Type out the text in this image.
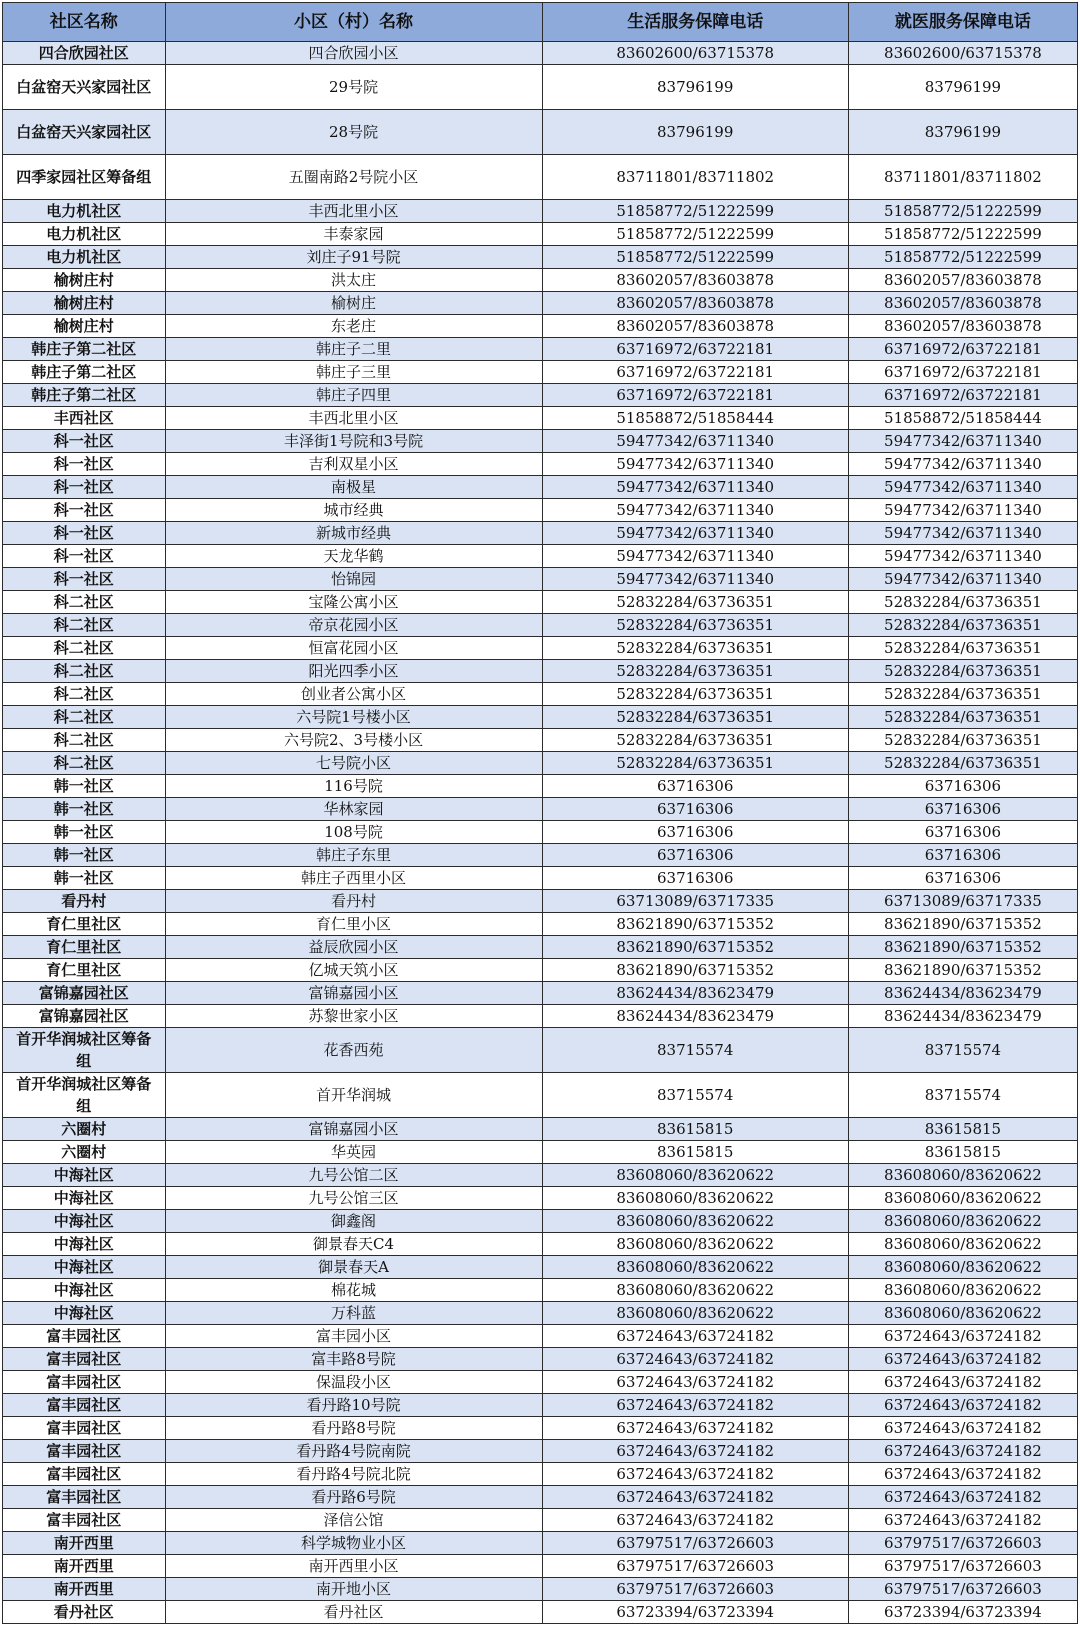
社区名称	小区（村）名称	生活服务保障电话	就医服务保障电话
四合欣园社区	四合欣园小区	83602600/63715378	83602600/63715378
白盆窑天兴家园社区	29号院	83796199	83796199
白盆窑天兴家园社区	28号院	83796199	83796199
四季家园社区筹备组	五圈南路2号院小区	83711801/83711802	83711801/83711802
电力机社区	丰西北里小区	51858772/51222599	51858772/51222599
电力机社区	丰泰家园	51858772/51222599	51858772/51222599
电力机社区	刘庄子91号院	51858772/51222599	51858772/51222599
榆树庄村	洪太庄	83602057/83603878	83602057/83603878
榆树庄村	榆树庄	83602057/83603878	83602057/83603878
榆树庄村	东老庄	83602057/83603878	83602057/83603878
韩庄子第二社区	韩庄子二里	63716972/63722181	63716972/63722181
韩庄子第二社区	韩庄子三里	63716972/63722181	63716972/63722181
韩庄子第二社区	韩庄子四里	63716972/63722181	63716972/63722181
丰西社区	丰西北里小区	51858872/51858444	51858872/51858444
科一社区	丰泽街1号院和3号院	59477342/63711340	59477342/63711340
科一社区	吉利双星小区	59477342/63711340	59477342/63711340
科一社区	南极星	59477342/63711340	59477342/63711340
科一社区	城市经典	59477342/63711340	59477342/63711340
科一社区	新城市经典	59477342/63711340	59477342/63711340
科一社区	天龙华鹤	59477342/63711340	59477342/63711340
科一社区	怡锦园	59477342/63711340	59477342/63711340
科二社区	宝隆公寓小区	52832284/63736351	52832284/63736351
科二社区	帝京花园小区	52832284/63736351	52832284/63736351
科二社区	恒富花园小区	52832284/63736351	52832284/63736351
科二社区	阳光四季小区	52832284/63736351	52832284/63736351
科二社区	创业者公寓小区	52832284/63736351	52832284/63736351
科二社区	六号院1号楼小区	52832284/63736351	52832284/63736351
科二社区	六号院2、3号楼小区	52832284/63736351	52832284/63736351
科二社区	七号院小区	52832284/63736351	52832284/63736351
韩一社区	116号院	63716306	63716306
韩一社区	华林家园	63716306	63716306
韩一社区	108号院	63716306	63716306
韩一社区	韩庄子东里	63716306	63716306
韩一社区	韩庄子西里小区	63716306	63716306
看丹村	看丹村	63713089/63717335	63713089/63717335
育仁里社区	育仁里小区	83621890/63715352	83621890/63715352
育仁里社区	益辰欣园小区	83621890/63715352	83621890/63715352
育仁里社区	亿城天筑小区	83621890/63715352	83621890/63715352
富锦嘉园社区	富锦嘉园小区	83624434/83623479	83624434/83623479
富锦嘉园社区	苏黎世家小区	83624434/83623479	83624434/83623479
首开华润城社区筹备组	花香西苑	83715574	83715574
首开华润城社区筹备组	首开华润城	83715574	83715574
六圈村	富锦嘉园小区	83615815	83615815
六圈村	华英园	83615815	83615815
中海社区	九号公馆二区	83608060/83620622	83608060/83620622
中海社区	九号公馆三区	83608060/83620622	83608060/83620622
中海社区	御鑫阁	83608060/83620622	83608060/83620622
中海社区	御景春天C4	83608060/83620622	83608060/83620622
中海社区	御景春天A	83608060/83620622	83608060/83620622
中海社区	棉花城	83608060/83620622	83608060/83620622
中海社区	万科蓝	83608060/83620622	83608060/83620622
富丰园社区	富丰园小区	63724643/63724182	63724643/63724182
富丰园社区	富丰路8号院	63724643/63724182	63724643/63724182
富丰园社区	保温段小区	63724643/63724182	63724643/63724182
富丰园社区	看丹路10号院	63724643/63724182	63724643/63724182
富丰园社区	看丹路8号院	63724643/63724182	63724643/63724182
富丰园社区	看丹路4号院南院	63724643/63724182	63724643/63724182
富丰园社区	看丹路4号院北院	63724643/63724182	63724643/63724182
富丰园社区	看丹路6号院	63724643/63724182	63724643/63724182
富丰园社区	泽信公馆	63724643/63724182	63724643/63724182
南开西里	科学城物业小区	63797517/63726603	63797517/63726603
南开西里	南开西里小区	63797517/63726603	63797517/63726603
南开西里	南开地小区	63797517/63726603	63797517/63726603
看丹社区	看丹社区	63723394/63723394	63723394/63723394
